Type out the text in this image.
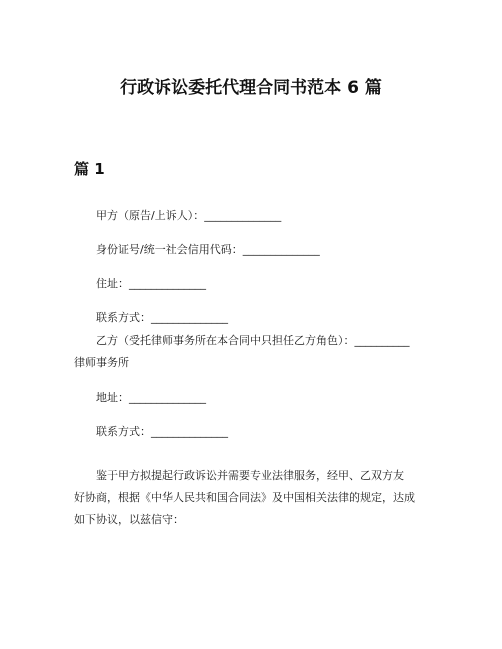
行政诉讼委托代理合同书范本 6 篇
篇 1
甲方（原告/上诉人）：______________
身份证号/统一社会信用代码：______________
住址：______________
联系方式：______________
乙方（受托律师事务所在本合同中只担任乙方角色）：__________
律师事务所
地址：______________
联系方式：______________
鉴于甲方拟提起行政诉讼并需要专业法律服务，经甲、乙双方友
好协商，根据《中华人民共和国合同法》及中国相关法律的规定，达成
如下协议，以兹信守：
